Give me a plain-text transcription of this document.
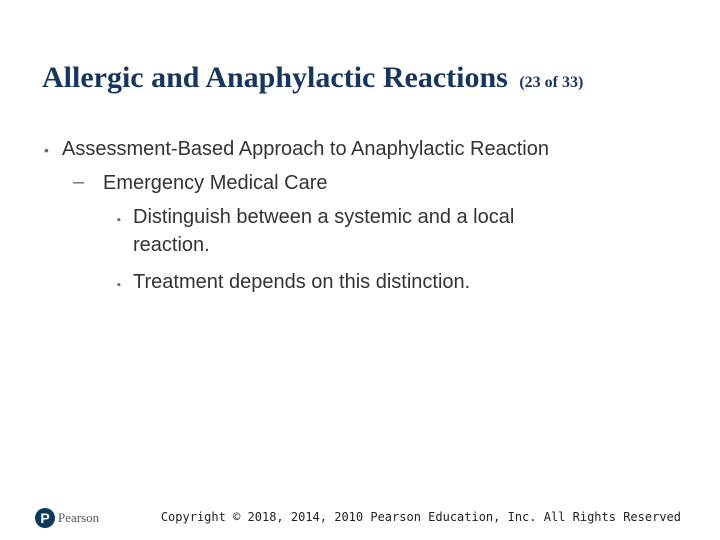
Allergic and Anaphylactic Reactions (23 of 33)
• Assessment-Based Approach to Anaphylactic Reaction
– Emergency Medical Care
▪ Distinguish between a systemic and a local
reaction.
▪ Treatment depends on this distinction.
P Pearson	Copyright © 2018, 2014, 2010 Pearson Education, Inc. All Rights Reserved
